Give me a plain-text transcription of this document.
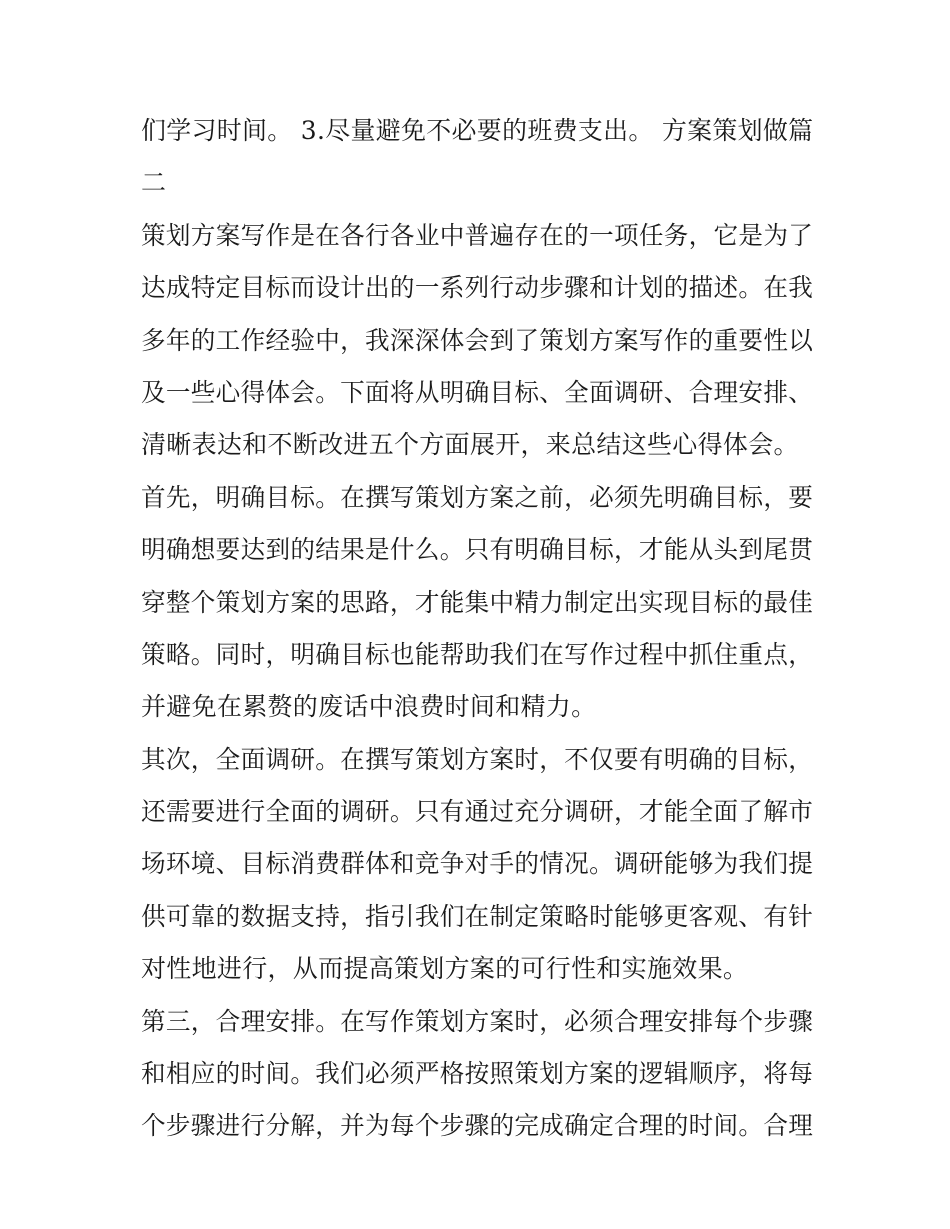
们学习时间。 3.尽量避免不必要的班费支出。 方案策划做篇
二
策划方案写作是在各行各业中普遍存在的一项任务，它是为了
达成特定目标而设计出的一系列行动步骤和计划的描述。在我
多年的工作经验中，我深深体会到了策划方案写作的重要性以
及一些心得体会。下面将从明确目标、全面调研、合理安排、
清晰表达和不断改进五个方面展开，来总结这些心得体会。
首先，明确目标。在撰写策划方案之前，必须先明确目标，要
明确想要达到的结果是什么。只有明确目标，才能从头到尾贯
穿整个策划方案的思路，才能集中精力制定出实现目标的最佳
策略。同时，明确目标也能帮助我们在写作过程中抓住重点，
并避免在累赘的废话中浪费时间和精力。
其次，全面调研。在撰写策划方案时，不仅要有明确的目标，
还需要进行全面的调研。只有通过充分调研，才能全面了解市
场环境、目标消费群体和竞争对手的情况。调研能够为我们提
供可靠的数据支持，指引我们在制定策略时能够更客观、有针
对性地进行，从而提高策划方案的可行性和实施效果。
第三，合理安排。在写作策划方案时，必须合理安排每个步骤
和相应的时间。我们必须严格按照策划方案的逻辑顺序，将每
个步骤进行分解，并为每个步骤的完成确定合理的时间。合理
